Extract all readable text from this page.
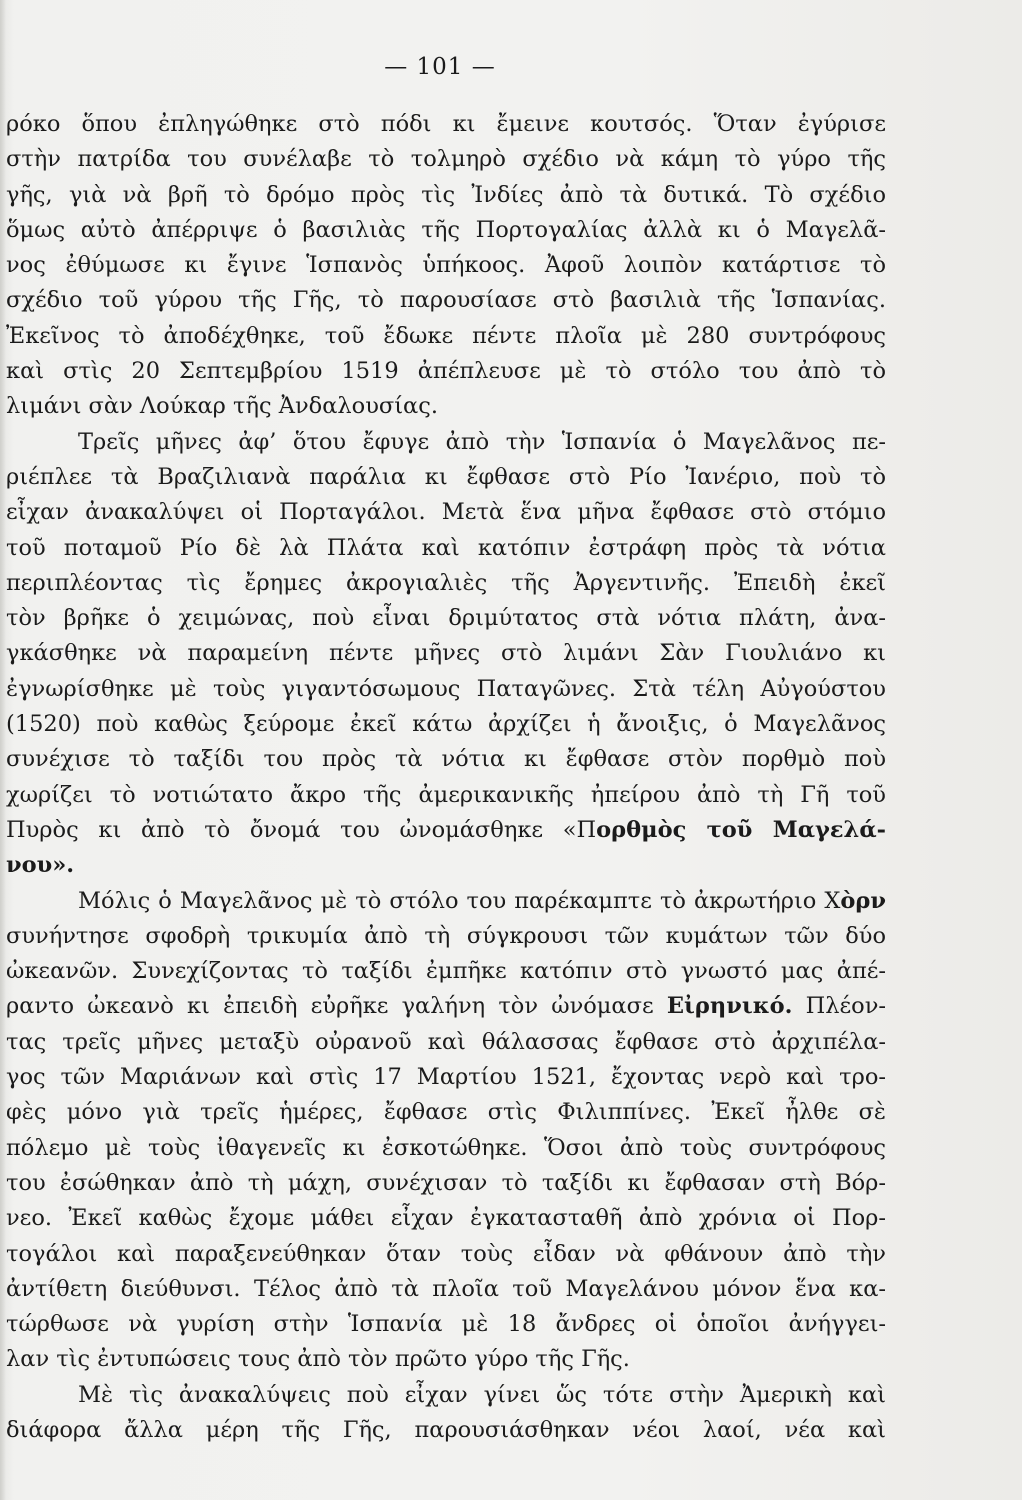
— 101 —
ρόκο ὅπου ἐπληγώθηκε στὸ πόδι κι ἔμεινε κουτσός. Ὅταν ἐγύρισε
στὴν πατρίδα του συνέλαβε τὸ τολμηρὸ σχέδιο νὰ κάμη τὸ γύρο τῆς
γῆς, γιὰ νὰ βρῆ τὸ δρόμο πρὸς τὶς Ἰνδίες ἀπὸ τὰ δυτικά. Τὸ σχέδιο
ὅμως αὐτὸ ἀπέρριψε ὁ βασιλιὰς τῆς Πορτογαλίας ἀλλὰ κι ὁ Μαγελᾶ-
νος ἐθύμωσε κι ἔγινε Ἱσπανὸς ὑπήκοος. Ἀφοῦ λοιπὸν κατάρτισε τὸ
σχέδιο τοῦ γύρου τῆς Γῆς, τὸ παρουσίασε στὸ βασιλιὰ τῆς Ἱσπανίας.
Ἐκεῖνος τὸ ἀποδέχθηκε, τοῦ ἔδωκε πέντε πλοῖα μὲ 280 συντρόφους
καὶ στὶς 20 Σεπτεμβρίου 1519 ἀπέπλευσε μὲ τὸ στόλο του ἀπὸ τὸ
λιμάνι σὰν Λούκαρ τῆς Ἀνδαλουσίας.
Τρεῖς μῆνες ἀφ’ ὅτου ἔφυγε ἀπὸ τὴν Ἱσπανία ὁ Μαγελᾶνος πε-
ριέπλεε τὰ Βραζιλιανὰ παράλια κι ἔφθασε στὸ Ρίο Ἰανέριο, ποὺ τὸ
εἶχαν ἀνακαλύψει οἱ Πορταγάλοι. Μετὰ ἕνα μῆνα ἔφθασε στὸ στόμιο
τοῦ ποταμοῦ Ρίο δὲ λὰ Πλάτα καὶ κατόπιν ἐστράφη πρὸς τὰ νότια
περιπλέοντας τὶς ἔρημες ἀκρογιαλιὲς τῆς Ἀργεντινῆς. Ἐπειδὴ ἐκεῖ
τὸν βρῆκε ὁ χειμώνας, ποὺ εἶναι δριμύτατος στὰ νότια πλάτη, ἀνα-
γκάσθηκε νὰ παραμείνη πέντε μῆνες στὸ λιμάνι Σὰν Γιουλιάνο κι
ἐγνωρίσθηκε μὲ τοὺς γιγαντόσωμους Παταγῶνες. Στὰ τέλη Αὐγούστου
(1520) ποὺ καθὼς ξεύρομε ἐκεῖ κάτω ἀρχίζει ἡ ἄνοιξις, ὁ Μαγελᾶνος
συνέχισε τὸ ταξίδι του πρὸς τὰ νότια κι ἔφθασε στὸν πορθμὸ ποὺ
χωρίζει τὸ νοτιώτατο ἄκρο τῆς ἀμερικανικῆς ἠπείρου ἀπὸ τὴ Γῆ τοῦ
Πυρὸς κι ἀπὸ τὸ ὄνομά του ὠνομάσθηκε «Πορθμὸς τοῦ Μαγελά-
νου».
Μόλις ὁ Μαγελᾶνος μὲ τὸ στόλο του παρέκαμπτε τὸ ἀκρωτήριο Χὸρν
συνήντησε σφοδρὴ τρικυμία ἀπὸ τὴ σύγκρουσι τῶν κυμάτων τῶν δύο
ὠκεανῶν. Συνεχίζοντας τὸ ταξίδι ἐμπῆκε κατόπιν στὸ γνωστό μας ἀπέ-
ραντο ὠκεανὸ κι ἐπειδὴ εὐρῆκε γαλήνη τὸν ὠνόμασε Εἰρηνικό. Πλέον-
τας τρεῖς μῆνες μεταξὺ οὐρανοῦ καὶ θάλασσας ἔφθασε στὸ ἀρχιπέλα-
γος τῶν Μαριάνων καὶ στὶς 17 Μαρτίου 1521, ἔχοντας νερὸ καὶ τρο-
φὲς μόνο γιὰ τρεῖς ἡμέρες, ἔφθασε στὶς Φιλιππίνες. Ἐκεῖ ἦλθε σὲ
πόλεμο μὲ τοὺς ἰθαγενεῖς κι ἐσκοτώθηκε. Ὅσοι ἀπὸ τοὺς συντρόφους
του ἐσώθηκαν ἀπὸ τὴ μάχη, συνέχισαν τὸ ταξίδι κι ἔφθασαν στὴ Βόρ-
νεο. Ἐκεῖ καθὼς ἔχομε μάθει εἶχαν ἐγκατασταθῆ ἀπὸ χρόνια οἱ Πορ-
τογάλοι καὶ παραξενεύθηκαν ὅταν τοὺς εἶδαν νὰ φθάνουν ἀπὸ τὴν
ἀντίθετη διεύθυνσι. Τέλος ἀπὸ τὰ πλοῖα τοῦ Μαγελάνου μόνον ἕνα κα-
τώρθωσε νὰ γυρίση στὴν Ἱσπανία μὲ 18 ἄνδρες οἱ ὁποῖοι ἀνήγγει-
λαν τὶς ἐντυπώσεις τους ἀπὸ τὸν πρῶτο γύρο τῆς Γῆς.
Μὲ τὶς ἀνακαλύψεις ποὺ εἶχαν γίνει ὥς τότε στὴν Ἀμερικὴ καὶ
διάφορα ἄλλα μέρη τῆς Γῆς, παρουσιάσθηκαν νέοι λαοί, νέα καὶ
